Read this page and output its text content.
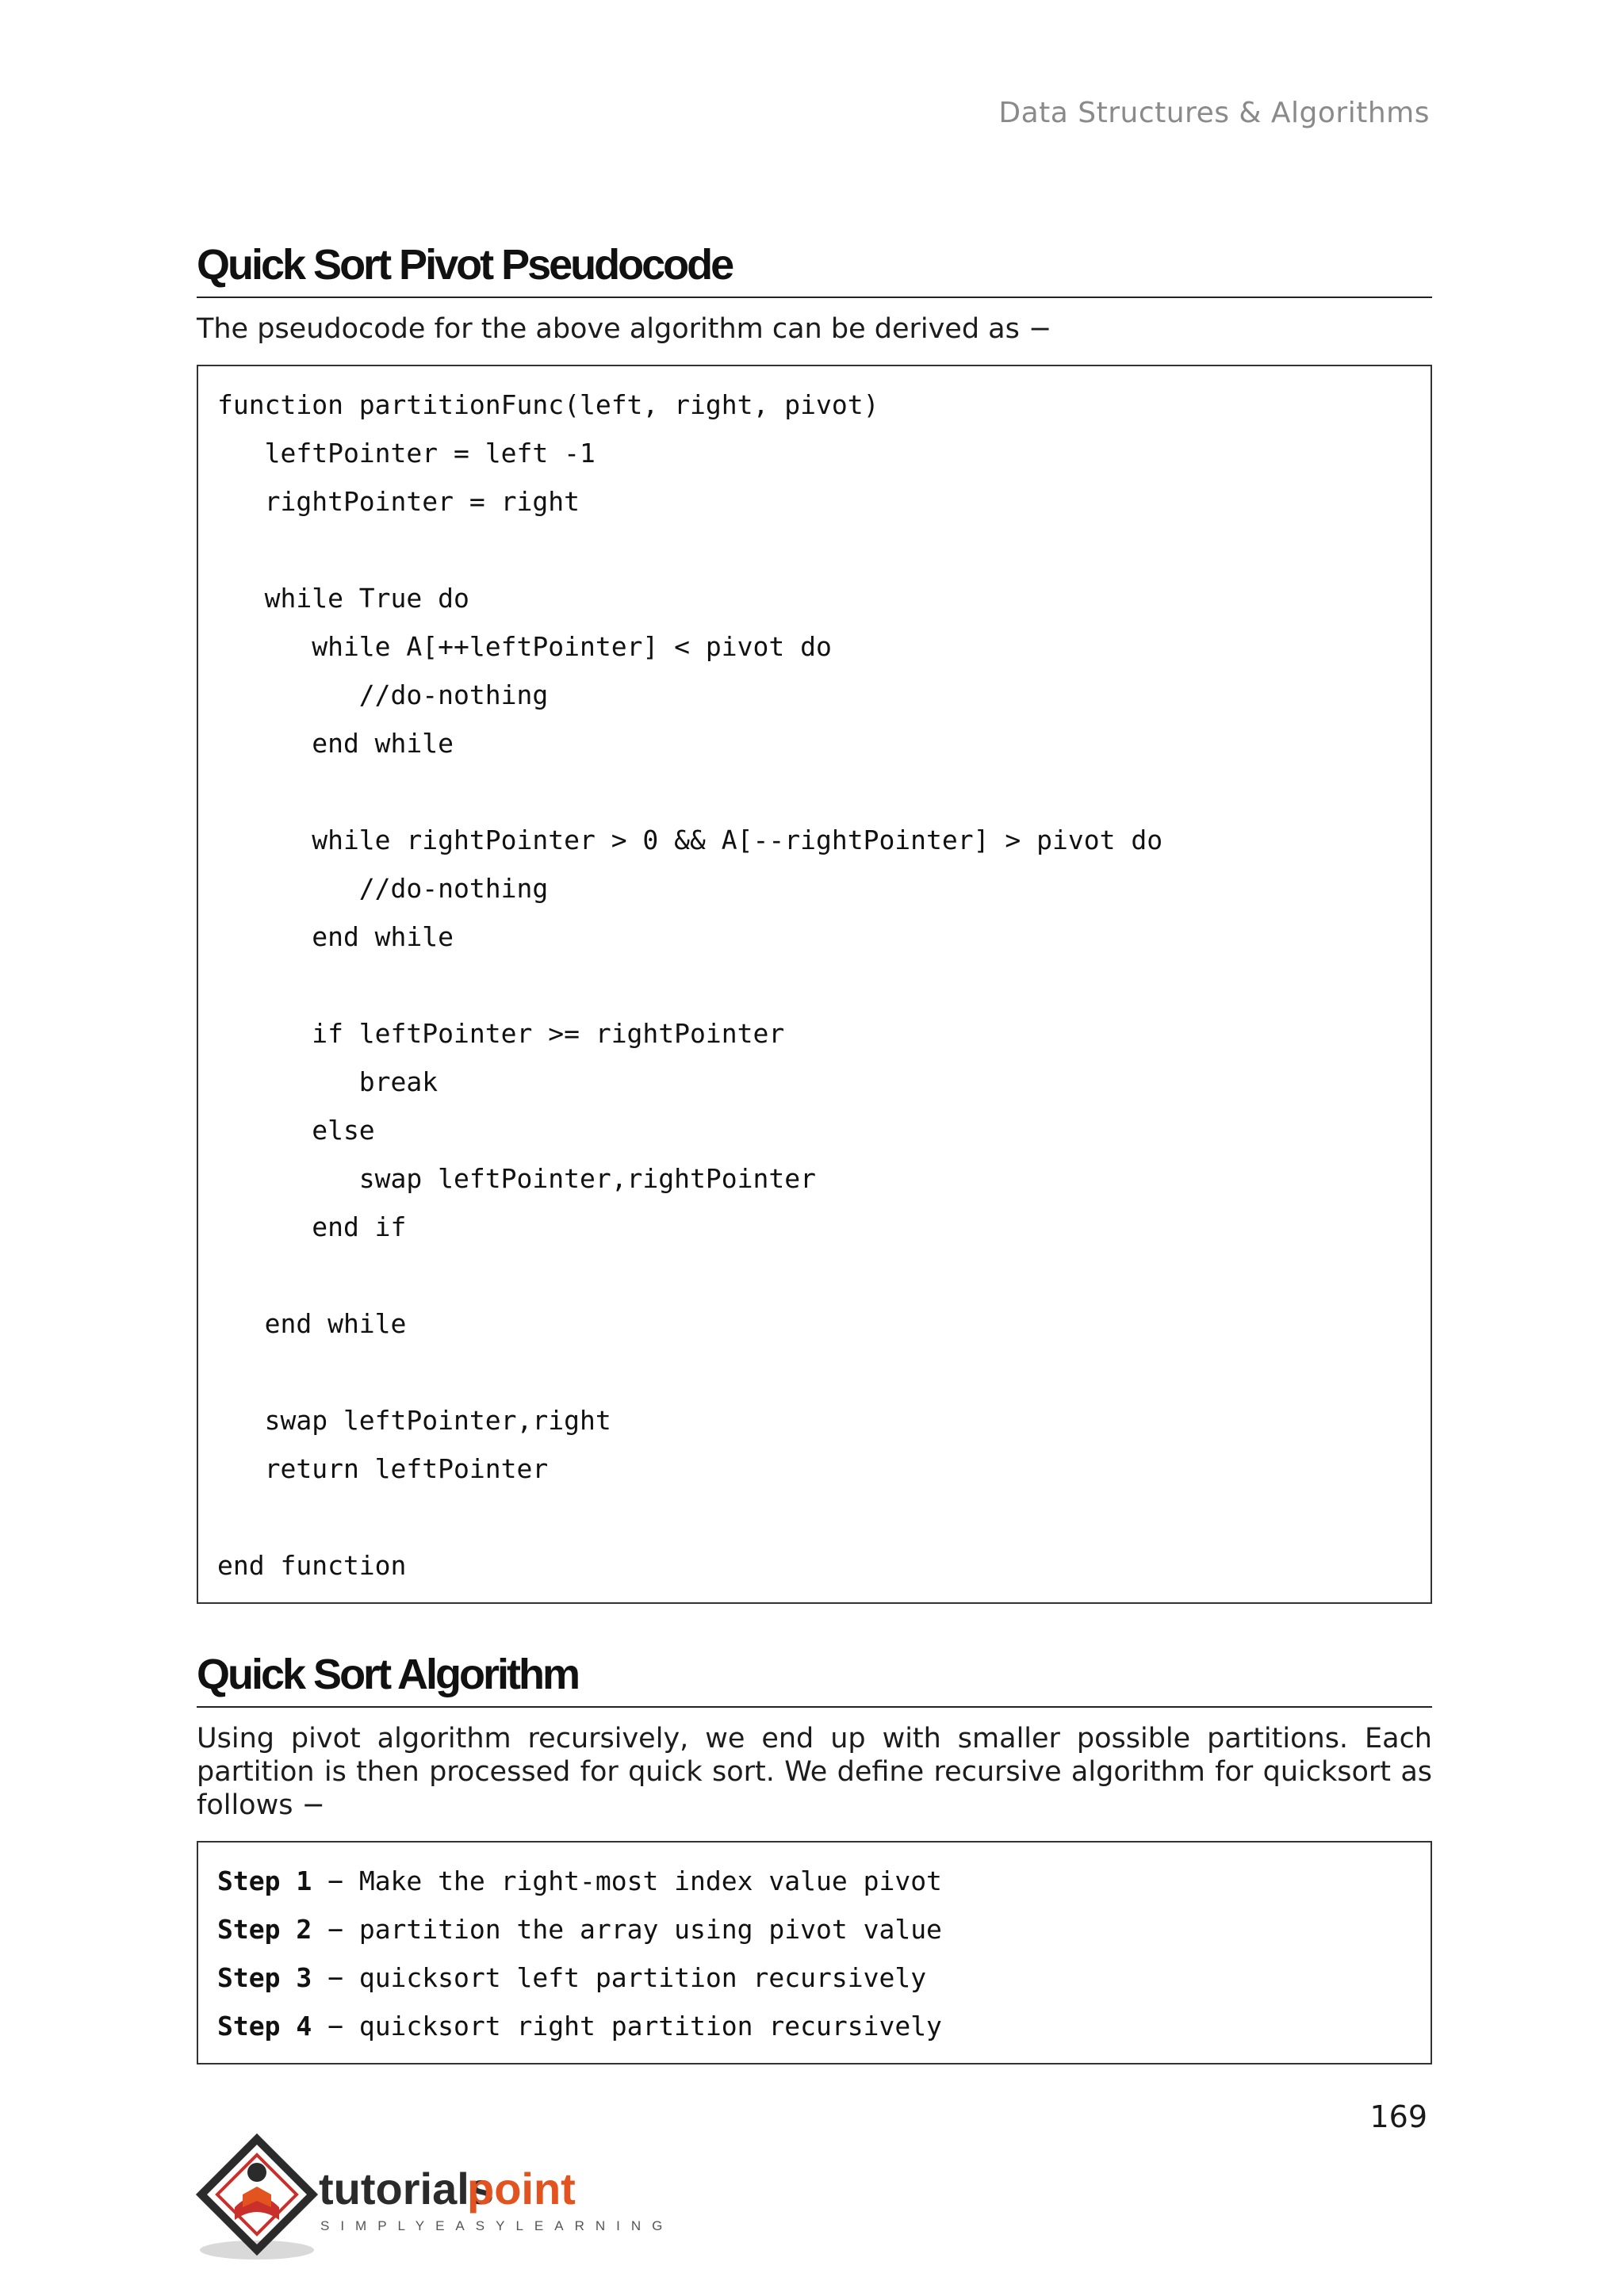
Data Structures & Algorithms
Quick Sort Pivot Pseudocode
The pseudocode for the above algorithm can be derived as −
function partitionFunc(left, right, pivot)
leftPointer = left -1
rightPointer = right
while True do
while A[++leftPointer] < pivot do
//do-nothing
end while
while rightPointer > 0 && A[--rightPointer] > pivot do
//do-nothing
end while
if leftPointer >= rightPointer
break
else
swap leftPointer,rightPointer
end if
end while
swap leftPointer,right
return leftPointer
end function
Quick Sort Algorithm
Using pivot algorithm recursively, we end up with smaller possible partitions. Each partition is then processed for quick sort. We define recursive algorithm for quicksort as follows −
Step 1 − Make the right-most index value pivot
Step 2 − partition the array using pivot value
Step 3 − quicksort left partition recursively
Step 4 − quicksort right partition recursively
169
tutorials
point
SIMPLYEASYLEARNING
